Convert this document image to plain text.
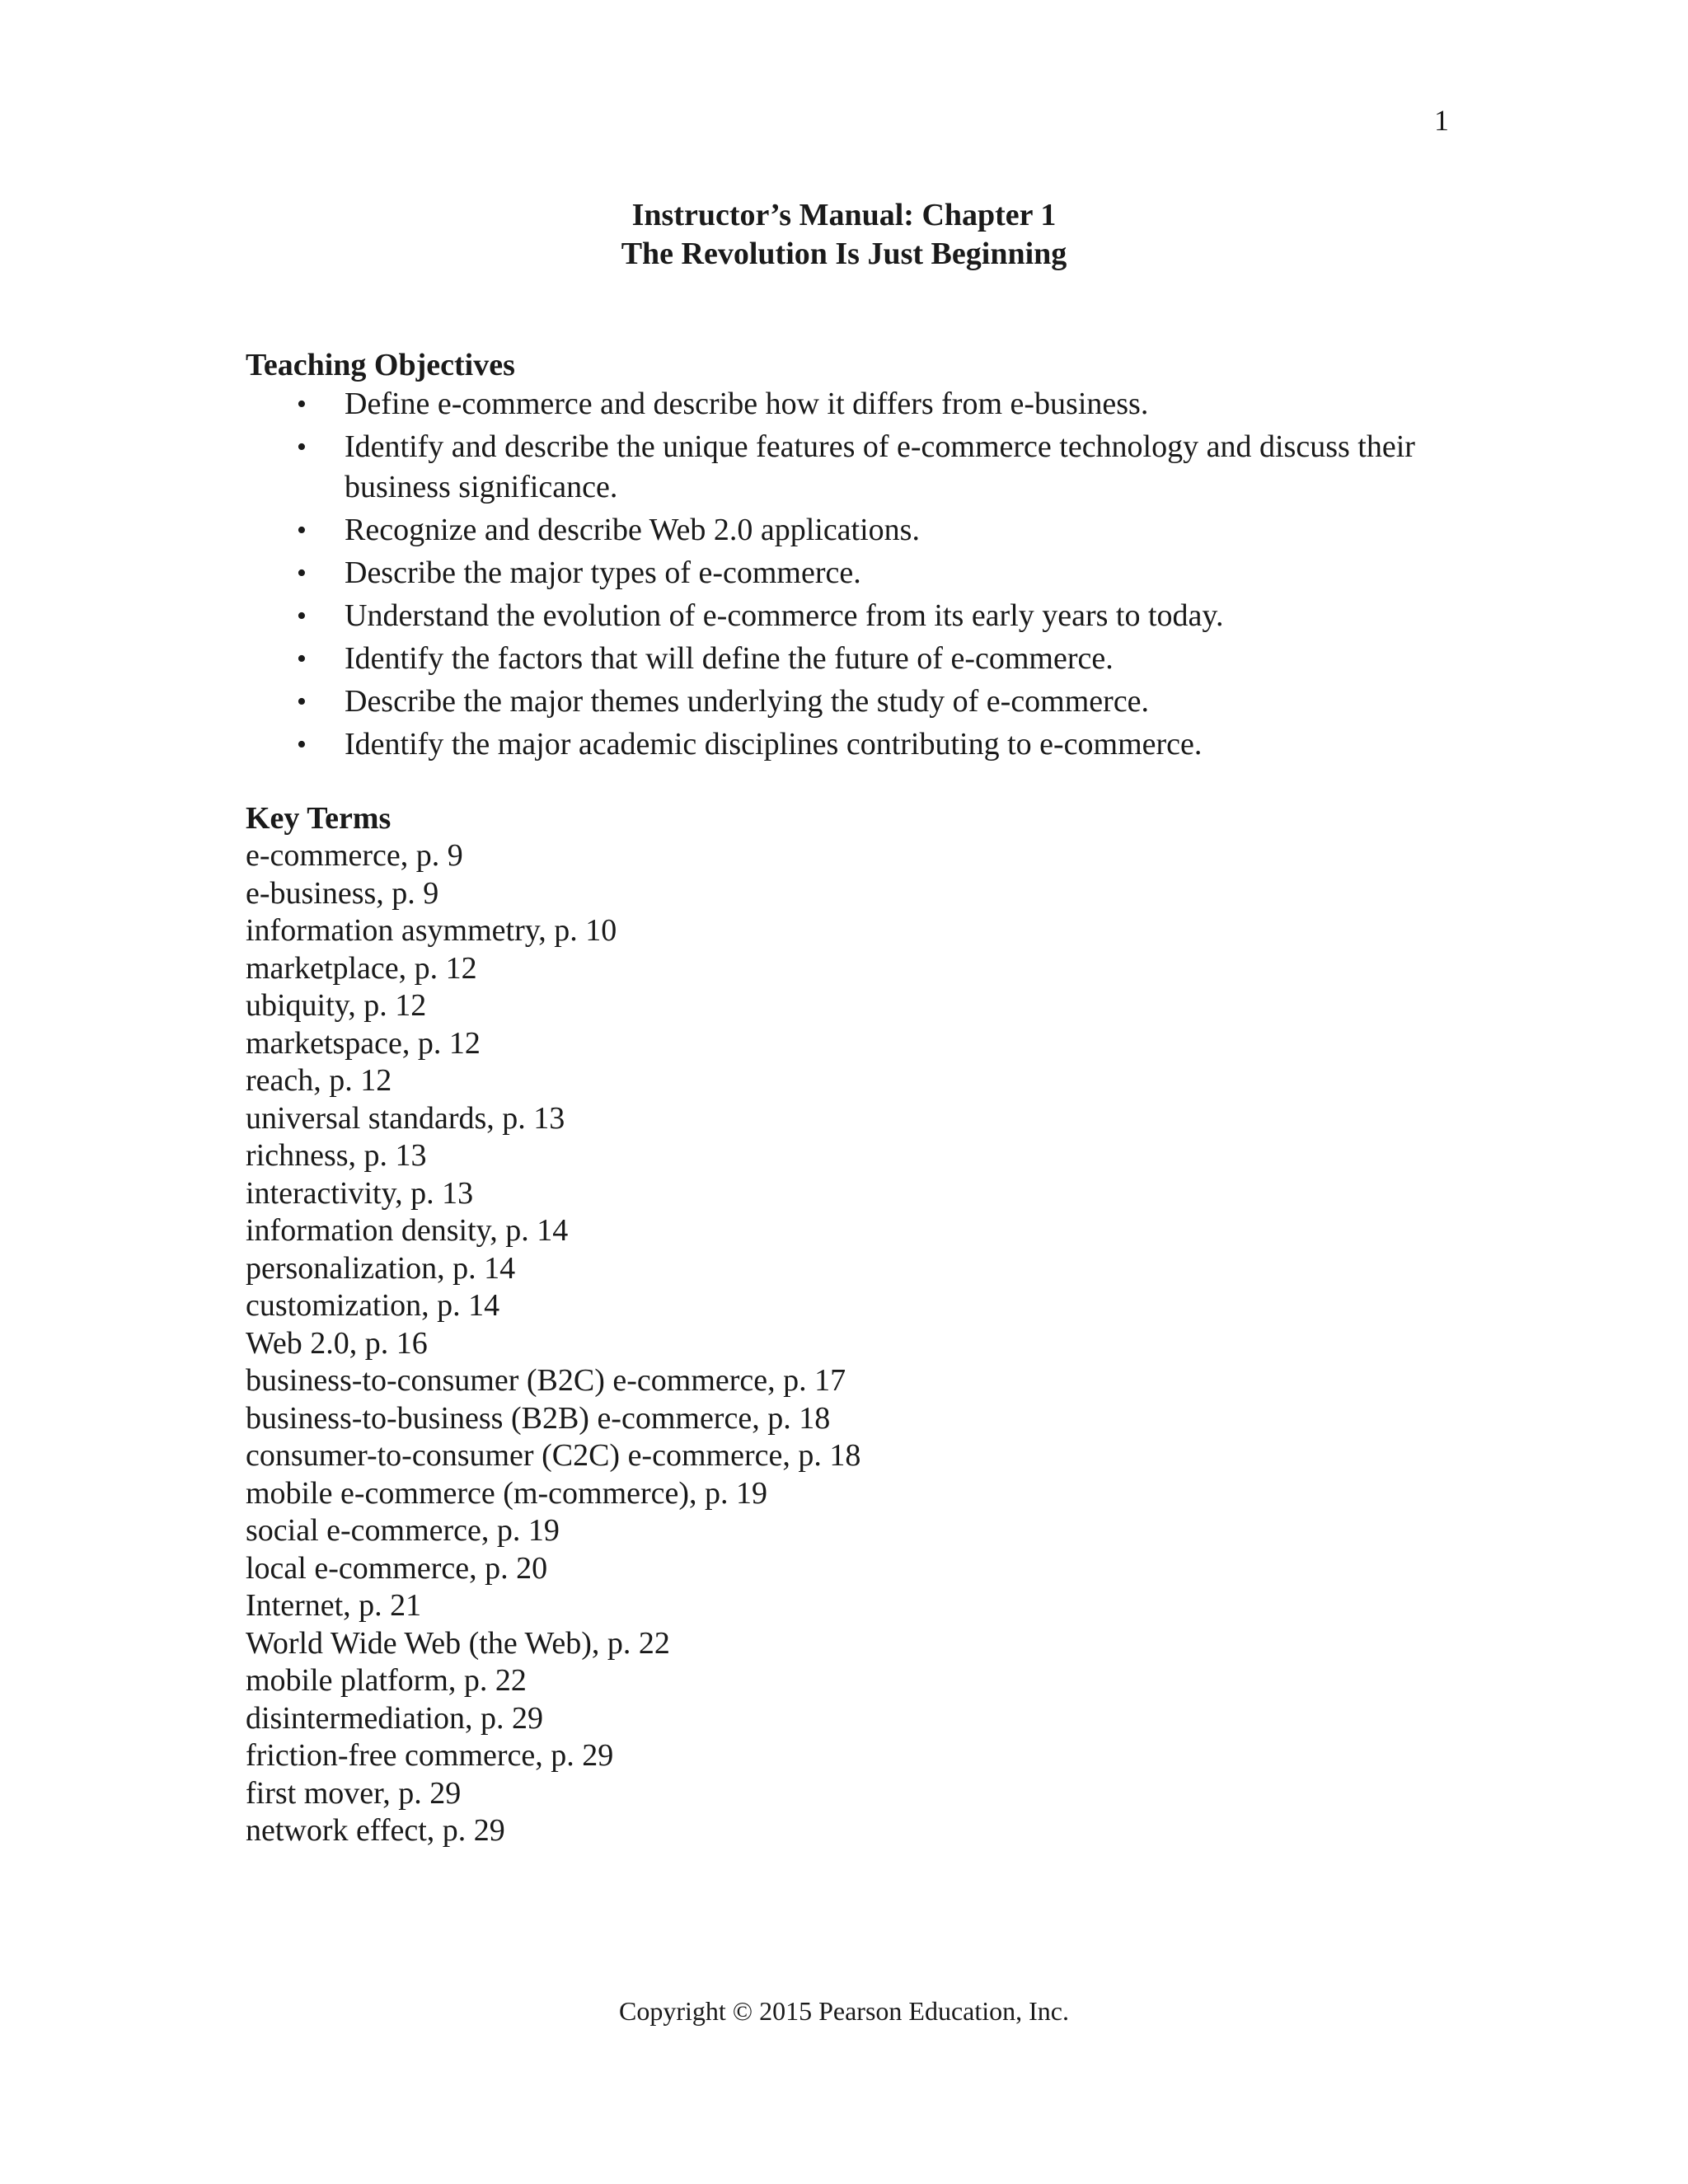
1
Instructor’s Manual: Chapter 1
The Revolution Is Just Beginning
Teaching Objectives
• Define e-commerce and describe how it differs from e-business.
• Identify and describe the unique features of e-commerce technology and discuss their business significance.
• Recognize and describe Web 2.0 applications.
• Describe the major types of e-commerce.
• Understand the evolution of e-commerce from its early years to today.
• Identify the factors that will define the future of e-commerce.
• Describe the major themes underlying the study of e-commerce.
• Identify the major academic disciplines contributing to e-commerce.
Key Terms
e-commerce, p. 9
e-business, p. 9
information asymmetry, p. 10
marketplace, p. 12
ubiquity, p. 12
marketspace, p. 12
reach, p. 12
universal standards, p. 13
richness, p. 13
interactivity, p. 13
information density, p. 14
personalization, p. 14
customization, p. 14
Web 2.0, p. 16
business-to-consumer (B2C) e-commerce, p. 17
business-to-business (B2B) e-commerce, p. 18
consumer-to-consumer (C2C) e-commerce, p. 18
mobile e-commerce (m-commerce), p. 19
social e-commerce, p. 19
local e-commerce, p. 20
Internet, p. 21
World Wide Web (the Web), p. 22
mobile platform, p. 22
disintermediation, p. 29
friction-free commerce, p. 29
first mover, p. 29
network effect, p. 29
Copyright © 2015 Pearson Education, Inc.
